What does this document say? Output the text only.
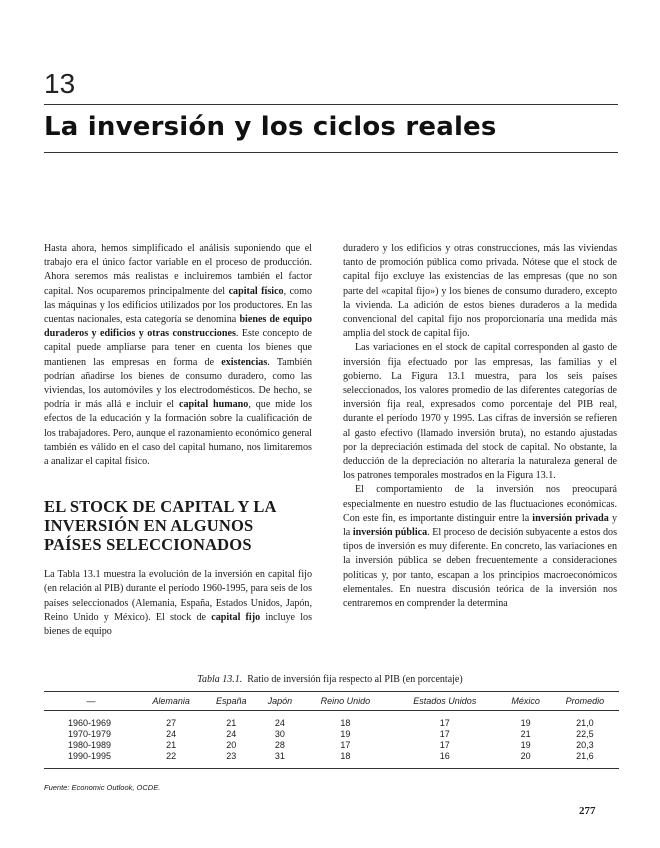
13
La inversión y los ciclos reales

Hasta ahora, hemos simplificado el análisis suponiendo que el trabajo era el único factor variable en el proceso de producción. Ahora seremos más realistas e incluiremos también el factor capital. Nos ocuparemos principalmente del capital físico, como las máquinas y los edificios utilizados por los productores. En las cuentas nacionales, esta categoría se denomina bienes de equipo duraderos y edificios y otras construcciones. Este concepto de capital puede ampliarse para tener en cuenta los bienes que mantienen las empresas en forma de existencias. También podrían añadirse los bienes de consumo duradero, como las viviendas, los automóviles y los electrodomésticos. De hecho, se podría ir más allá e incluir el capital humano, que mide los efectos de la educación y la formación sobre la cualificación de los trabajadores. Pero, aunque el razonamiento económico general también es válido en el caso del capital humano, nos limitaremos a analizar el capital físico.

EL STOCK DE CAPITAL Y LA INVERSIÓN EN ALGUNOS PAÍSES SELECCIONADOS

La Tabla 13.1 muestra la evolución de la inversión en capital fijo (en relación al PIB) durante el período 1960-1995, para seis de los países seleccionados (Alemania, España, Estados Unidos, Japón, Reino Unido y México). El stock de capital fijo incluye los bienes de equipo

duradero y los edificios y otras construcciones, más las viviendas tanto de promoción pública como privada. Nótese que el stock de capital fijo excluye las existencias de las empresas (que no son parte del «capital fijo») y los bienes de consumo duradero, excepto la vivienda. La adición de estos bienes duraderos a la medida convencional del capital fijo nos proporcionaría una medida más amplia del stock de capital fijo.

Las variaciones en el stock de capital corresponden al gasto de inversión fija efectuado por las empresas, las familias y el gobierno. La Figura 13.1 muestra, para los seis países seleccionados, los valores promedio de las diferentes categorías de inversión fija real, expresados como porcentaje del PIB real, durante el período 1970 y 1995. Las cifras de inversión se refieren al gasto efectivo (llamado inversión bruta), no estando ajustadas por la depreciación estimada del stock de capital. No obstante, la deducción de la depreciación no alteraría la naturaleza general de los patrones temporales mostrados en la Figura 13.1.

El comportamiento de la inversión nos preocupará especialmente en nuestro estudio de las fluctuaciones económicas. Con este fin, es importante distinguir entre la inversión privada y la inversión pública. El proceso de decisión subyacente a estos dos tipos de inversión es muy diferente. En concreto, las variaciones en la inversión pública se deben frecuentemente a consideraciones políticas y, por tanto, escapan a los principios macroeconómicos elementales. En nuestra discusión teórica de la inversión nos centraremos en comprender la determina

Tabla 13.1. Ratio de inversión fija respecto al PIB (en porcentaje)
—	Alemania	España	Japón	Reino Unido	Estados Unidos	México	Promedio
1960-1969	27	21	24	18	17	19	21,0
1970-1979	24	24	30	19	17	21	22,5
1980-1989	21	20	28	17	17	19	20,3
1990-1995	22	23	31	18	16	20	21,6
Fuente: Economic Outlook, OCDE.
277
